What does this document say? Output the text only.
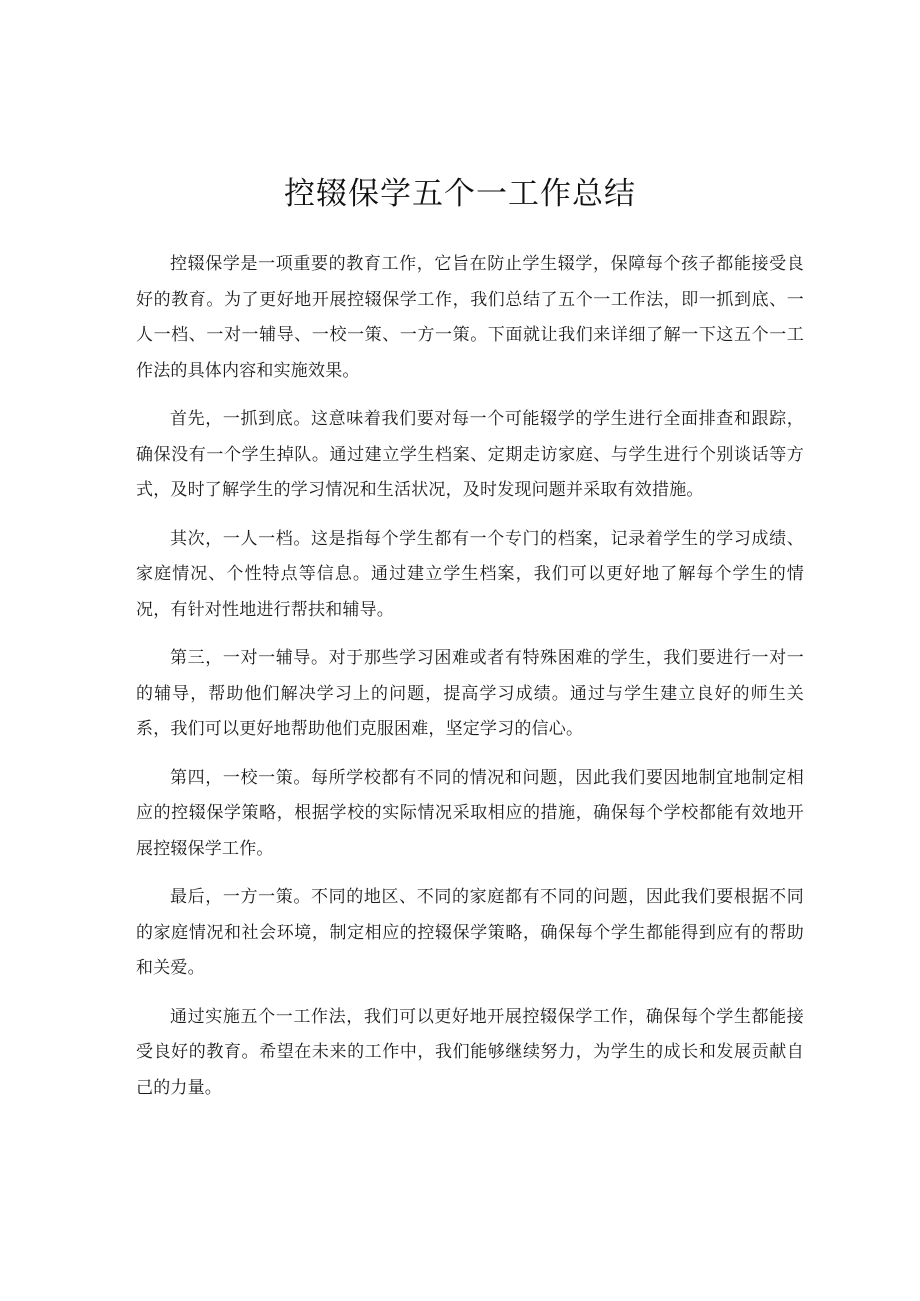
控辍保学五个一工作总结

控辍保学是一项重要的教育工作，它旨在防止学生辍学，保障每个孩子都能接受良好的教育。为了更好地开展控辍保学工作，我们总结了五个一工作法，即一抓到底、一人一档、一对一辅导、一校一策、一方一策。下面就让我们来详细了解一下这五个一工作法的具体内容和实施效果。

首先，一抓到底。这意味着我们要对每一个可能辍学的学生进行全面排查和跟踪，确保没有一个学生掉队。通过建立学生档案、定期走访家庭、与学生进行个别谈话等方式，及时了解学生的学习情况和生活状况，及时发现问题并采取有效措施。

其次，一人一档。这是指每个学生都有一个专门的档案，记录着学生的学习成绩、家庭情况、个性特点等信息。通过建立学生档案，我们可以更好地了解每个学生的情况，有针对性地进行帮扶和辅导。

第三，一对一辅导。对于那些学习困难或者有特殊困难的学生，我们要进行一对一的辅导，帮助他们解决学习上的问题，提高学习成绩。通过与学生建立良好的师生关系，我们可以更好地帮助他们克服困难，坚定学习的信心。

第四，一校一策。每所学校都有不同的情况和问题，因此我们要因地制宜地制定相应的控辍保学策略，根据学校的实际情况采取相应的措施，确保每个学校都能有效地开展控辍保学工作。

最后，一方一策。不同的地区、不同的家庭都有不同的问题，因此我们要根据不同的家庭情况和社会环境，制定相应的控辍保学策略，确保每个学生都能得到应有的帮助和关爱。

通过实施五个一工作法，我们可以更好地开展控辍保学工作，确保每个学生都能接受良好的教育。希望在未来的工作中，我们能够继续努力，为学生的成长和发展贡献自己的力量。
